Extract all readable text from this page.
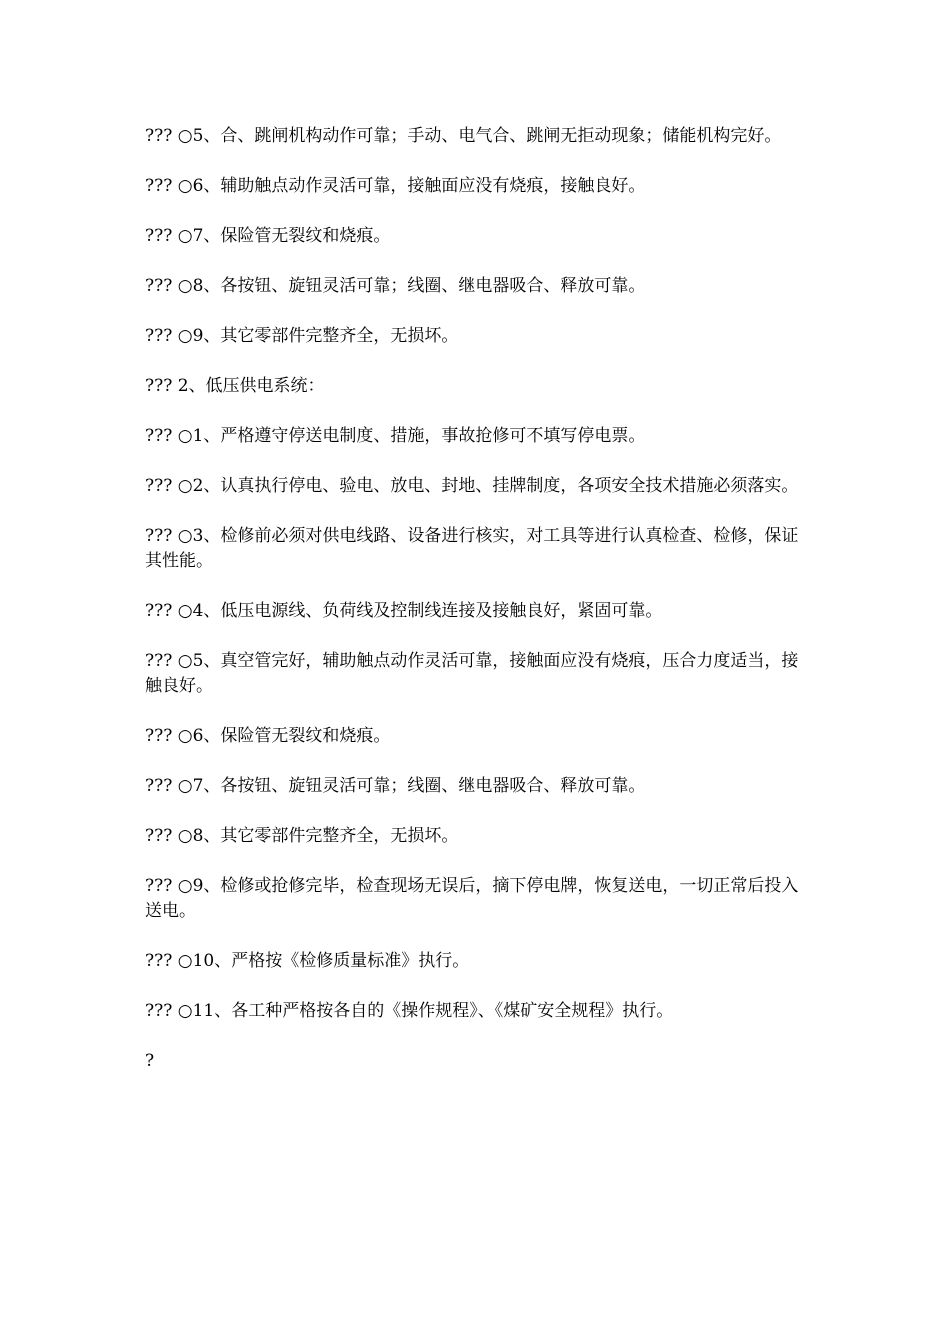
??? ○5、合、跳闸机构动作可靠；手动、电气合、跳闸无拒动现象；储能机构完好。

??? ○6、辅助触点动作灵活可靠，接触面应没有烧痕，接触良好。

??? ○7、保险管无裂纹和烧痕。

??? ○8、各按钮、旋钮灵活可靠；线圈、继电器吸合、释放可靠。

??? ○9、其它零部件完整齐全，无损坏。

??? 2、低压供电系统：

??? ○1、严格遵守停送电制度、措施，事故抢修可不填写停电票。

??? ○2、认真执行停电、验电、放电、封地、挂牌制度，各项安全技术措施必须落实。

??? ○3、检修前必须对供电线路、设备进行核实，对工具等进行认真检查、检修，保证其性能。

??? ○4、低压电源线、负荷线及控制线连接及接触良好，紧固可靠。

??? ○5、真空管完好，辅助触点动作灵活可靠，接触面应没有烧痕，压合力度适当，接触良好。

??? ○6、保险管无裂纹和烧痕。

??? ○7、各按钮、旋钮灵活可靠；线圈、继电器吸合、释放可靠。

??? ○8、其它零部件完整齐全，无损坏。

??? ○9、检修或抢修完毕，检查现场无误后，摘下停电牌，恢复送电，一切正常后投入送电。

??? ○10、严格按《检修质量标准》执行。

??? ○11、各工种严格按各自的《操作规程》、《煤矿安全规程》执行。

?
